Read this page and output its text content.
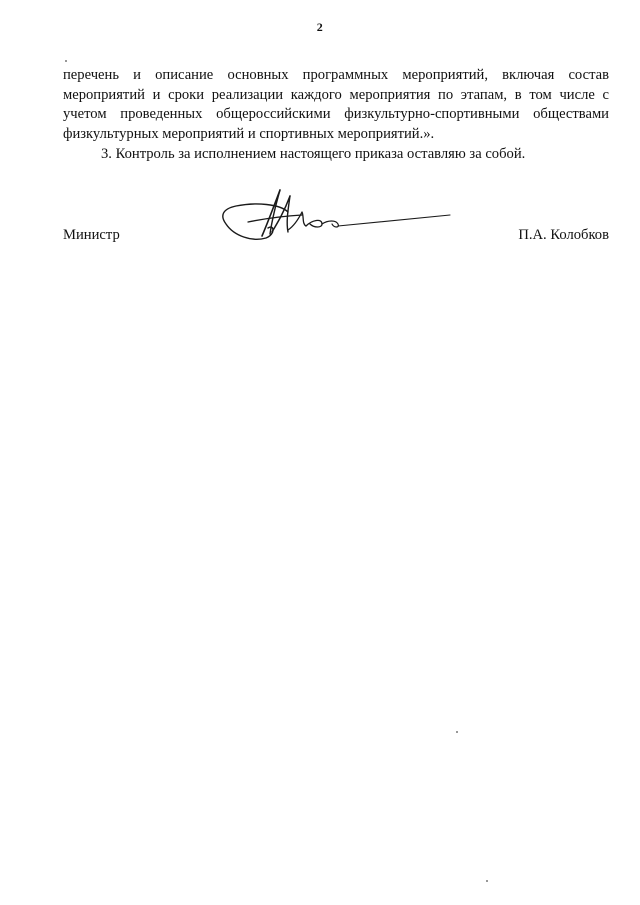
2

перечень и описание основных программных мероприятий, включая состав мероприятий и сроки реализации каждого мероприятия по этапам, в том числе с учетом проведенных общероссийскими физкультурно-спортивными обществами физкультурных мероприятий и спортивных мероприятий.».

3. Контроль за исполнением настоящего приказа оставляю за собой.

Министр	П.А. Колобков
